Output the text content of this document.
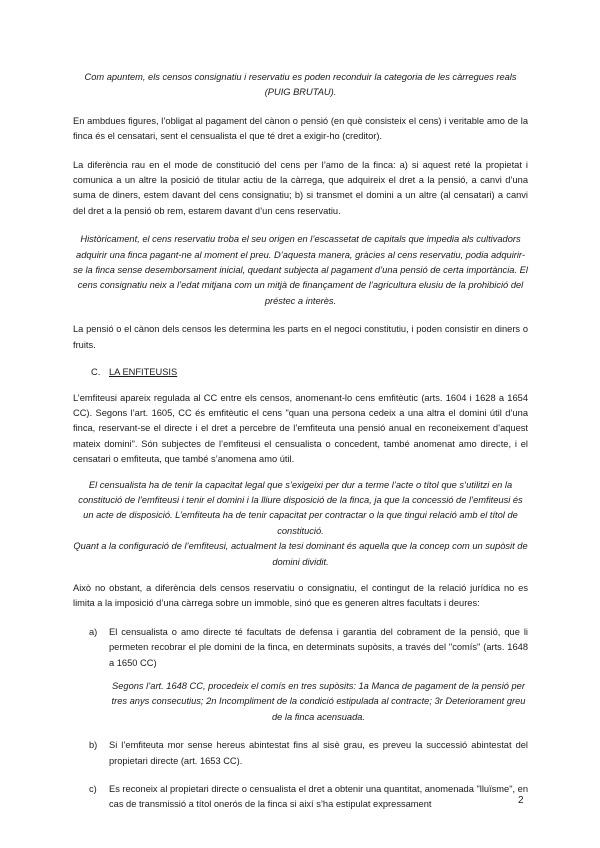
Com apuntem, els censos consignatiu i reservatiu es poden reconduir la categoria de les càrregues reals (PUIG BRUTAU).

En ambdues figures, l’obligat al pagament del cànon o pensió (en què consisteix el cens) i veritable amo de la finca és el censatari, sent el censualista el que té dret a exigir-ho (creditor).

La diferència rau en el mode de constitució del cens per l’amo de la finca: a) si aquest reté la propietat i comunica a un altre la posició de titular actiu de la càrrega, que adquireix el dret a la pensió, a canvi d’una suma de diners, estem davant del cens consignatiu; b) si transmet el domini a un altre (al censatari) a canvi del dret a la pensió ob rem, estarem davant d’un cens reservatiu.

Històricament, el cens reservatiu troba el seu origen en l’escassetat de capitals que impedia als cultivadors adquirir una finca pagant-ne al moment el preu. D’aquesta manera, gràcies al cens reservatiu, podia adquirir-se la finca sense desemborsament inicial, quedant subjecta al pagament d’una pensió de certa importància. El cens consignatiu neix a l’edat mitjana com un mitjà de finançament de l’agricultura elusiu de la prohibició del préstec a interès.

La pensió o el cànon dels censos les determina les parts en el negoci constitutiu, i poden consistir en diners o fruits.

C. LA ENFITEUSIS

L’emfiteusi apareix regulada al CC entre els censos, anomenant-lo cens emfitèutic (arts. 1604 i 1628 a 1654 CC). Segons l’art. 1605, CC és emfitèutic el cens "quan una persona cedeix a una altra el domini útil d’una finca, reservant-se el directe i el dret a percebre de l’emfiteuta una pensió anual en reconeixement d’aquest mateix domini". Són subjectes de l’emfiteusi el censualista o concedent, també anomenat amo directe, i el censatari o emfiteuta, que també s’anomena amo útil.

El censualista ha de tenir la capacitat legal que s’exigeixi per dur a terme l’acte o títol que s’utilitzi en la constitució de l’emfiteusi i tenir el domini i la lliure disposició de la finca, ja que la concessió de l’emfiteusi és un acte de disposició. L’emfiteuta ha de tenir capacitat per contractar o la que tingui relació amb el títol de constitució.

Quant a la configuració de l’emfiteusi, actualment la tesi dominant és aquella que la concep com un supòsit de domini dividit.

Això no obstant, a diferència dels censos reservatiu o consignatiu, el contingut de la relació jurídica no es limita a la imposició d’una càrrega sobre un immoble, sinó que es generen altres facultats i deures:

a) El censualista o amo directe té facultats de defensa i garantia del cobrament de la pensió, que li permeten recobrar el ple domini de la finca, en determinats supòsits, a través del "comís" (arts. 1648 a 1650 CC)

Segons l’art. 1648 CC, procedeix el comís en tres supòsits: 1a Manca de pagament de la pensió per tres anys consecutius; 2n Incompliment de la condició estipulada al contracte; 3r Deteriorament greu de la finca acensuada.

b) Si l’emfiteuta mor sense hereus abintestat fins al sisè grau, es preveu la successió abintestat del propietari directe (art. 1653 CC).

c) Es reconeix al propietari directe o censualista el dret a obtenir una quantitat, anomenada "lluïsme", en cas de transmissió a títol onerós de la finca si així s’ha estipulat expressament	2
